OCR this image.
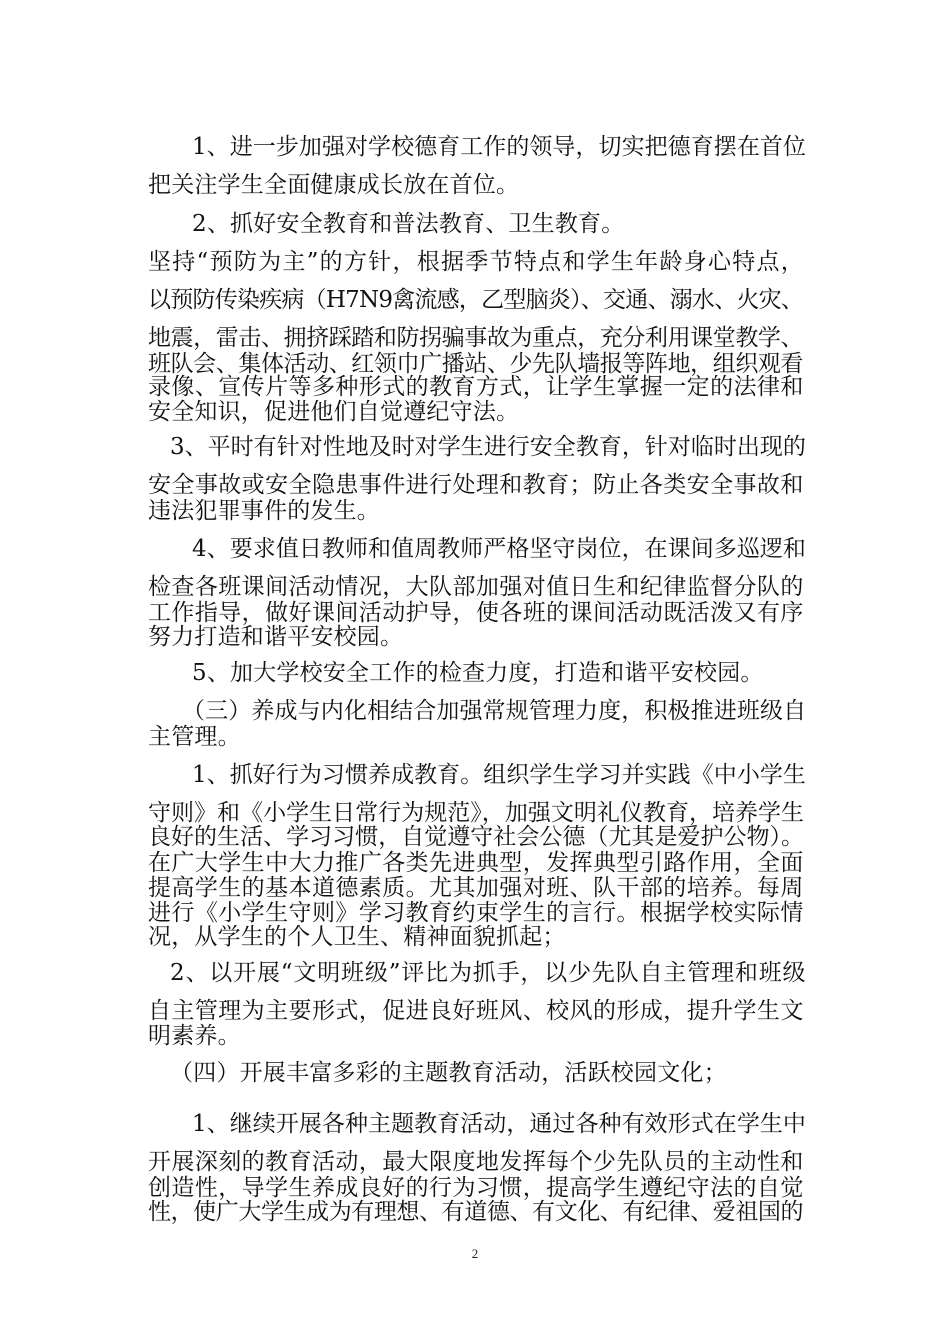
1、进一步加强对学校德育工作的领导，切实把德育摆在首位
把关注学生全面健康成长放在首位。
2、抓好安全教育和普法教育、卫生教育。
坚持“预防为主”的方针，根据季节特点和学生年龄身心特点，
以预防传染疾病（H7N9禽流感，乙型脑炎）、交通、溺水、火灾、
地震，雷击、拥挤踩踏和防拐骗事故为重点，充分利用课堂教学、
班队会、集体活动、红领巾广播站、少先队墙报等阵地，组织观看
录像、宣传片等多种形式的教育方式，让学生掌握一定的法律和
安全知识，促进他们自觉遵纪守法。
3、平时有针对性地及时对学生进行安全教育，针对临时出现的
安全事故或安全隐患事件进行处理和教育；防止各类安全事故和
违法犯罪事件的发生。
4、要求值日教师和值周教师严格坚守岗位，在课间多巡逻和
检查各班课间活动情况，大队部加强对值日生和纪律监督分队的
工作指导，做好课间活动护导，使各班的课间活动既活泼又有序
努力打造和谐平安校园。
5、加大学校安全工作的检查力度，打造和谐平安校园。
（三）养成与内化相结合加强常规管理力度，积极推进班级自
主管理。
1、抓好行为习惯养成教育。组织学生学习并实践《中小学生
守则》和《小学生日常行为规范》，加强文明礼仪教育，培养学生
良好的生活、学习习惯，自觉遵守社会公德（尤其是爱护公物）。
在广大学生中大力推广各类先进典型，发挥典型引路作用，全面
提高学生的基本道德素质。尤其加强对班、队干部的培养。每周
进行《小学生守则》学习教育约束学生的言行。根据学校实际情
况，从学生的个人卫生、精神面貌抓起；
2、以开展“文明班级”评比为抓手，以少先队自主管理和班级
自主管理为主要形式，促进良好班风、校风的形成，提升学生文
明素养。
（四）开展丰富多彩的主题教育活动，活跃校园文化；
1、继续开展各种主题教育活动，通过各种有效形式在学生中
开展深刻的教育活动，最大限度地发挥每个少先队员的主动性和
创造性，导学生养成良好的行为习惯，提高学生遵纪守法的自觉
性，使广大学生成为有理想、有道德、有文化、有纪律、爱祖国的
2
